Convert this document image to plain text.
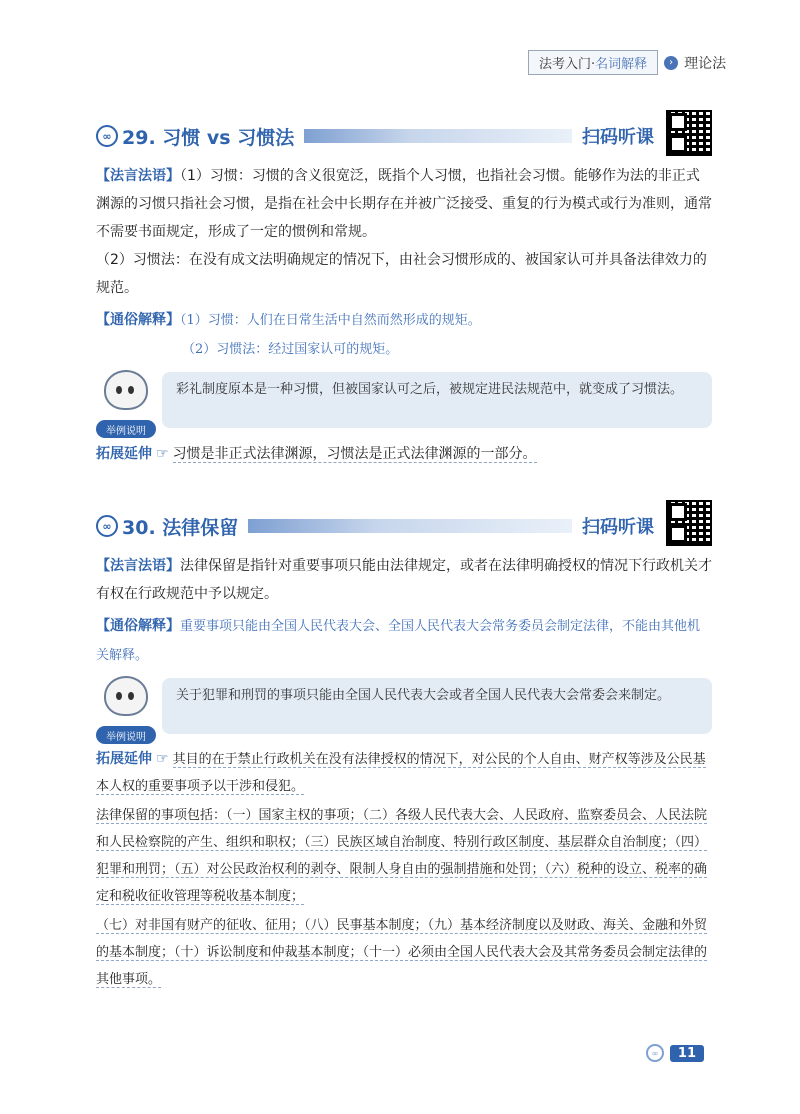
法考入门·名词解释	› 理论法
∞ 29. 习惯 vs 习惯法	扫码听课

【法言法语】（1）习惯：习惯的含义很宽泛，既指个人习惯，也指社会习惯。能够作为法的非正式渊源的习惯只指社会习惯，是指在社会中长期存在并被广泛接受、重复的行为模式或行为准则，通常不需要书面规定，形成了一定的惯例和常规。

（2）习惯法：在没有成文法明确规定的情况下，由社会习惯形成的、被国家认可并具备法律效力的规范。

【通俗解释】（1）习惯：人们在日常生活中自然而然形成的规矩。

（2）习惯法：经过国家认可的规矩。

举例说明
彩礼制度原本是一种习惯，但被国家认可之后，被规定进民法规范中，就变成了习惯法。

拓展延伸 ☞ 习惯是非正式法律渊源，习惯法是正式法律渊源的一部分。

∞ 30. 法律保留	扫码听课

【法言法语】法律保留是指针对重要事项只能由法律规定，或者在法律明确授权的情况下行政机关才有权在行政规范中予以规定。

【通俗解释】重要事项只能由全国人民代表大会、全国人民代表大会常务委员会制定法律，不能由其他机关解释。

举例说明
关于犯罪和刑罚的事项只能由全国人民代表大会或者全国人民代表大会常委会来制定。

拓展延伸 ☞ 其目的在于禁止行政机关在没有法律授权的情况下，对公民的个人自由、财产权等涉及公民基本人权的重要事项予以干涉和侵犯。

法律保留的事项包括：（一）国家主权的事项；（二）各级人民代表大会、人民政府、监察委员会、人民法院和人民检察院的产生、组织和职权；（三）民族区域自治制度、特别行政区制度、基层群众自治制度；（四）犯罪和刑罚；（五）对公民政治权利的剥夺、限制人身自由的强制措施和处罚；（六）税种的设立、税率的确定和税收征收管理等税收基本制度；

（七）对非国有财产的征收、征用；（八）民事基本制度；（九）基本经济制度以及财政、海关、金融和外贸的基本制度；（十）诉讼制度和仲裁基本制度；（十一）必须由全国人民代表大会及其常务委员会制定法律的其他事项。

∞	11
